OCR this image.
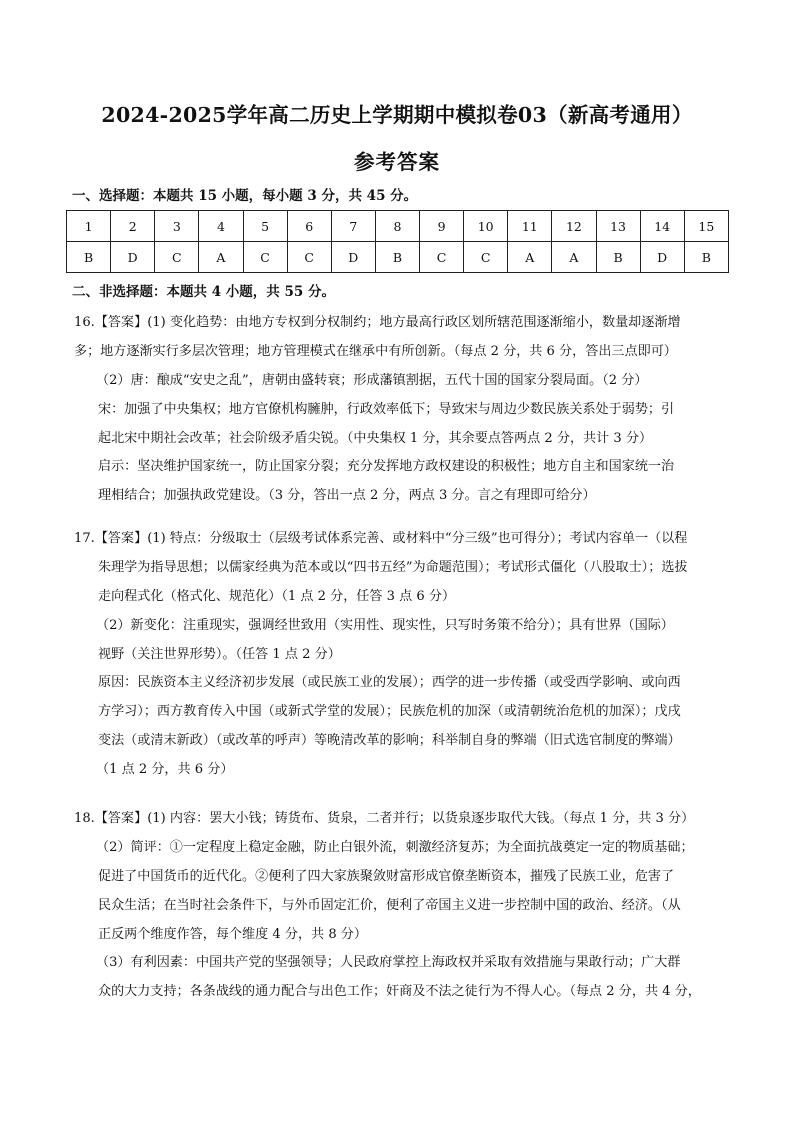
2024-2025学年高二历史上学期期中模拟卷03（新高考通用）
参考答案
一、选择题：本题共 15 小题，每小题 3 分，共 45 分。
1	2	3	4	5	6	7	8	9	10	11	12	13	14	15
B	D	C	A	C	C	D	B	C	C	A	A	B	D	B
二、非选择题：本题共 4 小题，共 55 分。
16.【答案】(1) 变化趋势：由地方专权到分权制约；地方最高行政区划所辖范围逐渐缩小，数量却逐渐增
多；地方逐渐实行多层次管理；地方管理模式在继承中有所创新。（每点 2 分，共 6 分，答出三点即可）
（2）唐：酿成“安史之乱”，唐朝由盛转衰；形成藩镇割据，五代十国的国家分裂局面。（2 分）
宋：加强了中央集权；地方官僚机构臃肿，行政效率低下；导致宋与周边少数民族关系处于弱势；引
起北宋中期社会改革；社会阶级矛盾尖锐。（中央集权 1 分，其余要点答两点 2 分，共计 3 分）
启示：坚决维护国家统一，防止国家分裂；充分发挥地方政权建设的积极性；地方自主和国家统一治
理相结合；加强执政党建设。（3 分，答出一点 2 分，两点 3 分。言之有理即可给分）
17.【答案】(1) 特点：分级取士（层级考试体系完善、或材料中“分三级”也可得分）；考试内容单一（以程
朱理学为指导思想；以儒家经典为范本或以“四书五经”为命题范围）；考试形式僵化（八股取士）；选拔
走向程式化（格式化、规范化）（1 点 2 分，任答 3 点 6 分）
（2）新变化：注重现实，强调经世致用（实用性、现实性，只写时务策不给分）；具有世界（国际）
视野（关注世界形势）。（任答 1 点 2 分）
原因：民族资本主义经济初步发展（或民族工业的发展）；西学的进一步传播（或受西学影响、或向西
方学习）；西方教育传入中国（或新式学堂的发展）；民族危机的加深（或清朝统治危机的加深）；戊戌
变法（或清末新政）（或改革的呼声）等晚清改革的影响；科举制自身的弊端（旧式选官制度的弊端）
（1 点 2 分，共 6 分）
18.【答案】(1) 内容：罢大小钱；铸货布、货泉，二者并行；以货泉逐步取代大钱。（每点 1 分，共 3 分）
（2）简评：①一定程度上稳定金融，防止白银外流，刺激经济复苏；为全面抗战奠定一定的物质基础；
促进了中国货币的近代化。②便利了四大家族聚敛财富形成官僚垄断资本，摧残了民族工业，危害了
民众生活；在当时社会条件下，与外币固定汇价，便利了帝国主义进一步控制中国的政治、经济。（从
正反两个维度作答，每个维度 4 分，共 8 分）
（3）有利因素：中国共产党的坚强领导；人民政府掌控上海政权并采取有效措施与果敢行动；广大群
众的大力支持；各条战线的通力配合与出色工作；奸商及不法之徒行为不得人心。（每点 2 分，共 4 分，
